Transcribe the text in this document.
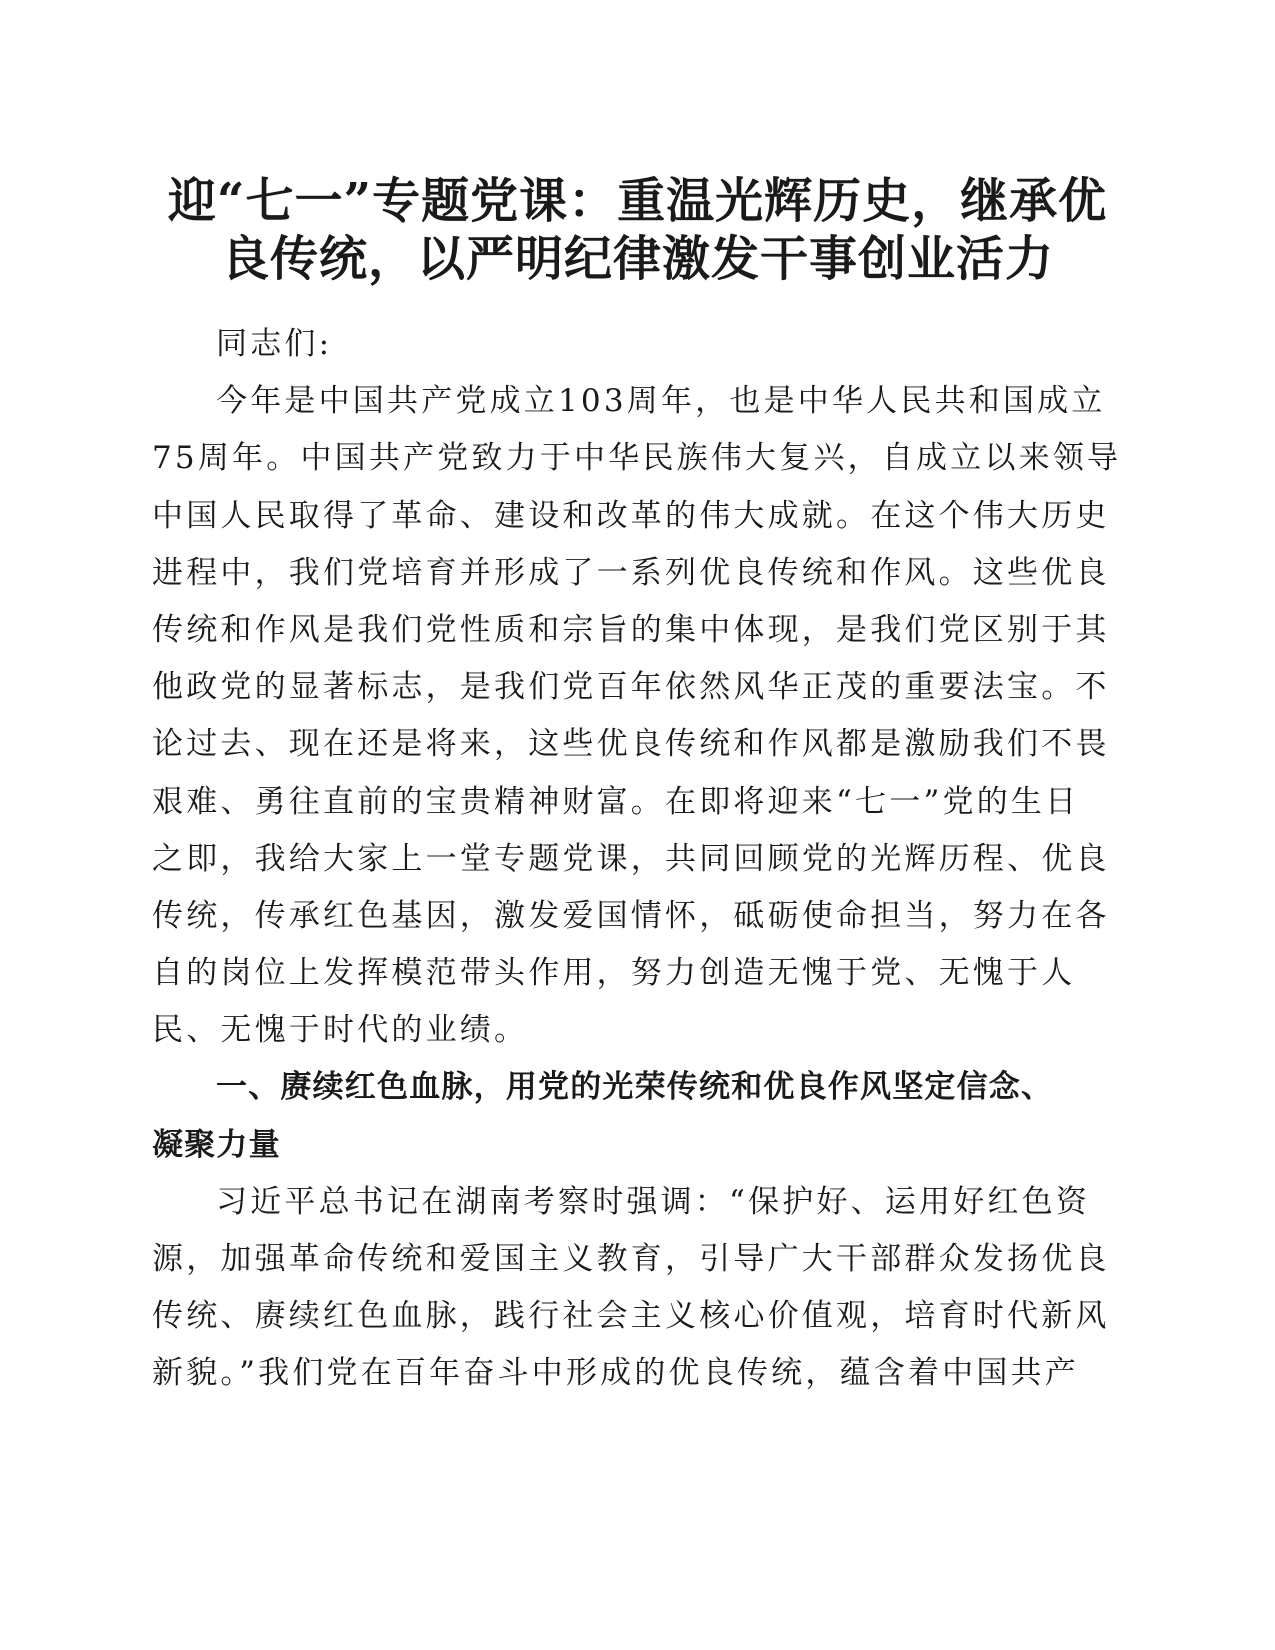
迎“七一”专题党课：重温光辉历史，继承优
良传统，以严明纪律激发干事创业活力
同志们:
今年是中国共产党成立103周年，也是中华人民共和国成立
75周年。中国共产党致力于中华民族伟大复兴，自成立以来领导
中国人民取得了革命、建设和改革的伟大成就。在这个伟大历史
进程中，我们党培育并形成了一系列优良传统和作风。这些优良
传统和作风是我们党性质和宗旨的集中体现，是我们党区别于其
他政党的显著标志，是我们党百年依然风华正茂的重要法宝。不
论过去、现在还是将来，这些优良传统和作风都是激励我们不畏
艰难、勇往直前的宝贵精神财富。在即将迎来“七一”党的生日
之即，我给大家上一堂专题党课，共同回顾党的光辉历程、优良
传统，传承红色基因，激发爱国情怀，砥砺使命担当，努力在各
自的岗位上发挥模范带头作用，努力创造无愧于党、无愧于人
民、无愧于时代的业绩。
一、赓续红色血脉，用党的光荣传统和优良作风坚定信念、
凝聚力量
习近平总书记在湖南考察时强调：“保护好、运用好红色资
源，加强革命传统和爱国主义教育，引导广大干部群众发扬优良
传统、赓续红色血脉，践行社会主义核心价值观，培育时代新风
新貌。”我们党在百年奋斗中形成的优良传统，蕴含着中国共产
